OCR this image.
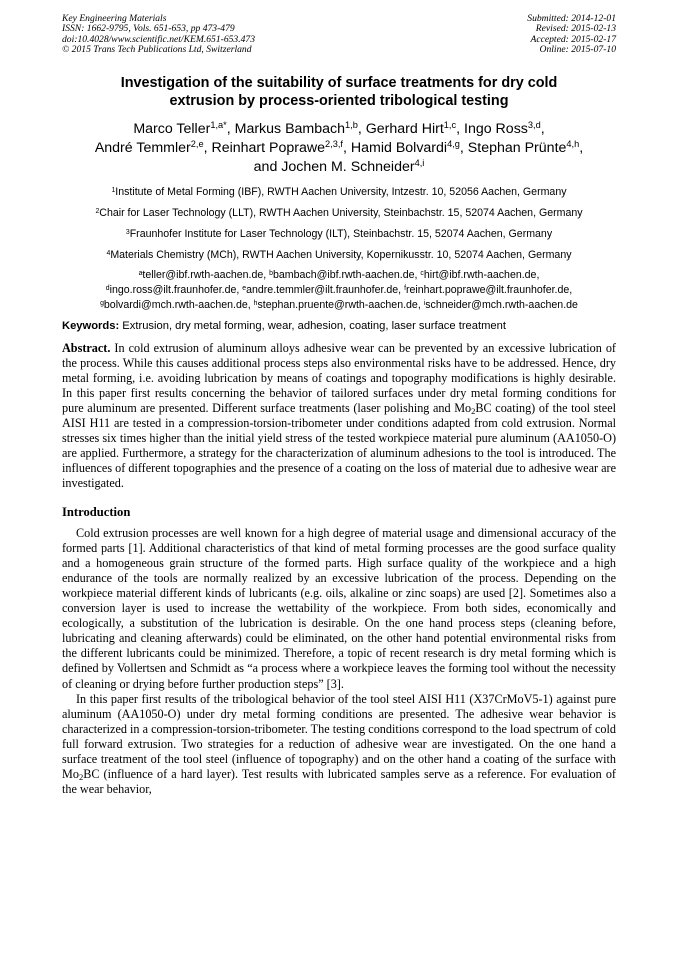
Key Engineering Materials
ISSN: 1662-9795, Vols. 651-653, pp 473-479
doi:10.4028/www.scientific.net/KEM.651-653.473
© 2015 Trans Tech Publications Ltd, Switzerland
Submitted: 2014-12-01
Revised: 2015-02-13
Accepted: 2015-02-17
Online: 2015-07-10
Investigation of the suitability of surface treatments for dry cold
extrusion by process-oriented tribological testing
Marco Teller$^{1,a*}$, Markus Bambach$^{1,b}$, Gerhard Hirt$^{1,c}$, Ingo Ross$^{3,d}$,
André Temmler$^{2,e}$, Reinhart Poprawe$^{2,3,f}$, Hamid Bolvardi$^{4,g}$, Stephan Prünte$^{4,h}$,
and Jochen M. Schneider$^{4,i}$
$^1$Institute of Metal Forming (IBF), RWTH Aachen University, Intzestr. 10, 52056 Aachen, Germany
$^2$Chair for Laser Technology (LLT), RWTH Aachen University, Steinbachstr. 15, 52074 Aachen, Germany
$^3$Fraunhofer Institute for Laser Technology (ILT), Steinbachstr. 15, 52074 Aachen, Germany
$^4$Materials Chemistry (MCh), RWTH Aachen University, Kopernikusstr. 10, 52074 Aachen, Germany
$^a$teller@ibf.rwth-aachen.de, $^b$bambach@ibf.rwth-aachen.de, $^c$hirt@ibf.rwth-aachen.de,
$^d$ingo.ross@ilt.fraunhofer.de, $^e$andre.temmler@ilt.fraunhofer.de, $^f$reinhart.poprawe@ilt.fraunhofer.de,
$^g$bolvardi@mch.rwth-aachen.de, $^h$stephan.pruente@rwth-aachen.de, $^i$schneider@mch.rwth-aachen.de
Keywords: Extrusion, dry metal forming, wear, adhesion, coating, laser surface treatment
Abstract. In cold extrusion of aluminum alloys adhesive wear can be prevented by an excessive lubrication of the process. While this causes additional process steps also environmental risks have to be addressed. Hence, dry metal forming, i.e. avoiding lubrication by means of coatings and topography modifications is highly desirable. In this paper first results concerning the behavior of tailored surfaces under dry metal forming conditions for pure aluminum are presented. Different surface treatments (laser polishing and $Mo_2BC$ coating) of the tool steel AISI H11 are tested in a compression-torsion-tribometer under conditions adapted from cold extrusion. Normal stresses six times higher than the initial yield stress of the tested workpiece material pure aluminum (AA1050-O) are applied. Furthermore, a strategy for the characterization of aluminum adhesions to the tool is introduced. The influences of different topographies and the presence of a coating on the loss of material due to adhesive wear are investigated.
Introduction

Cold extrusion processes are well known for a high degree of material usage and dimensional accuracy of the formed parts [1]. Additional characteristics of that kind of metal forming processes are the good surface quality and a homogeneous grain structure of the formed parts. High surface quality of the workpiece and a high endurance of the tools are normally realized by an excessive lubrication of the process. Depending on the workpiece material different kinds of lubricants (e.g. oils, alkaline or zinc soaps) are used [2]. Sometimes also a conversion layer is used to increase the wettability of the workpiece. From both sides, economically and ecologically, a substitution of the lubrication is desirable. On the one hand process steps (cleaning before, lubricating and cleaning afterwards) could be eliminated, on the other hand potential environmental risks from the different lubricants could be minimized. Therefore, a topic of recent research is dry metal forming which is defined by Vollertsen and Schmidt as “a process where a workpiece leaves the forming tool without the necessity of cleaning or drying before further production steps” [3].

In this paper first results of the tribological behavior of the tool steel AISI H11 (X37CrMoV5-1) against pure aluminum (AA1050-O) under dry metal forming conditions are presented. The adhesive wear behavior is characterized in a compression-torsion-tribometer. The testing conditions correspond to the load spectrum of cold full forward extrusion. Two strategies for a reduction of adhesive wear are investigated. On the one hand a surface treatment of the tool steel (influence of topography) and on the other hand a coating of the surface with $Mo_2BC$ (influence of a hard layer). Test results with lubricated samples serve as a reference. For evaluation of the wear behavior,
